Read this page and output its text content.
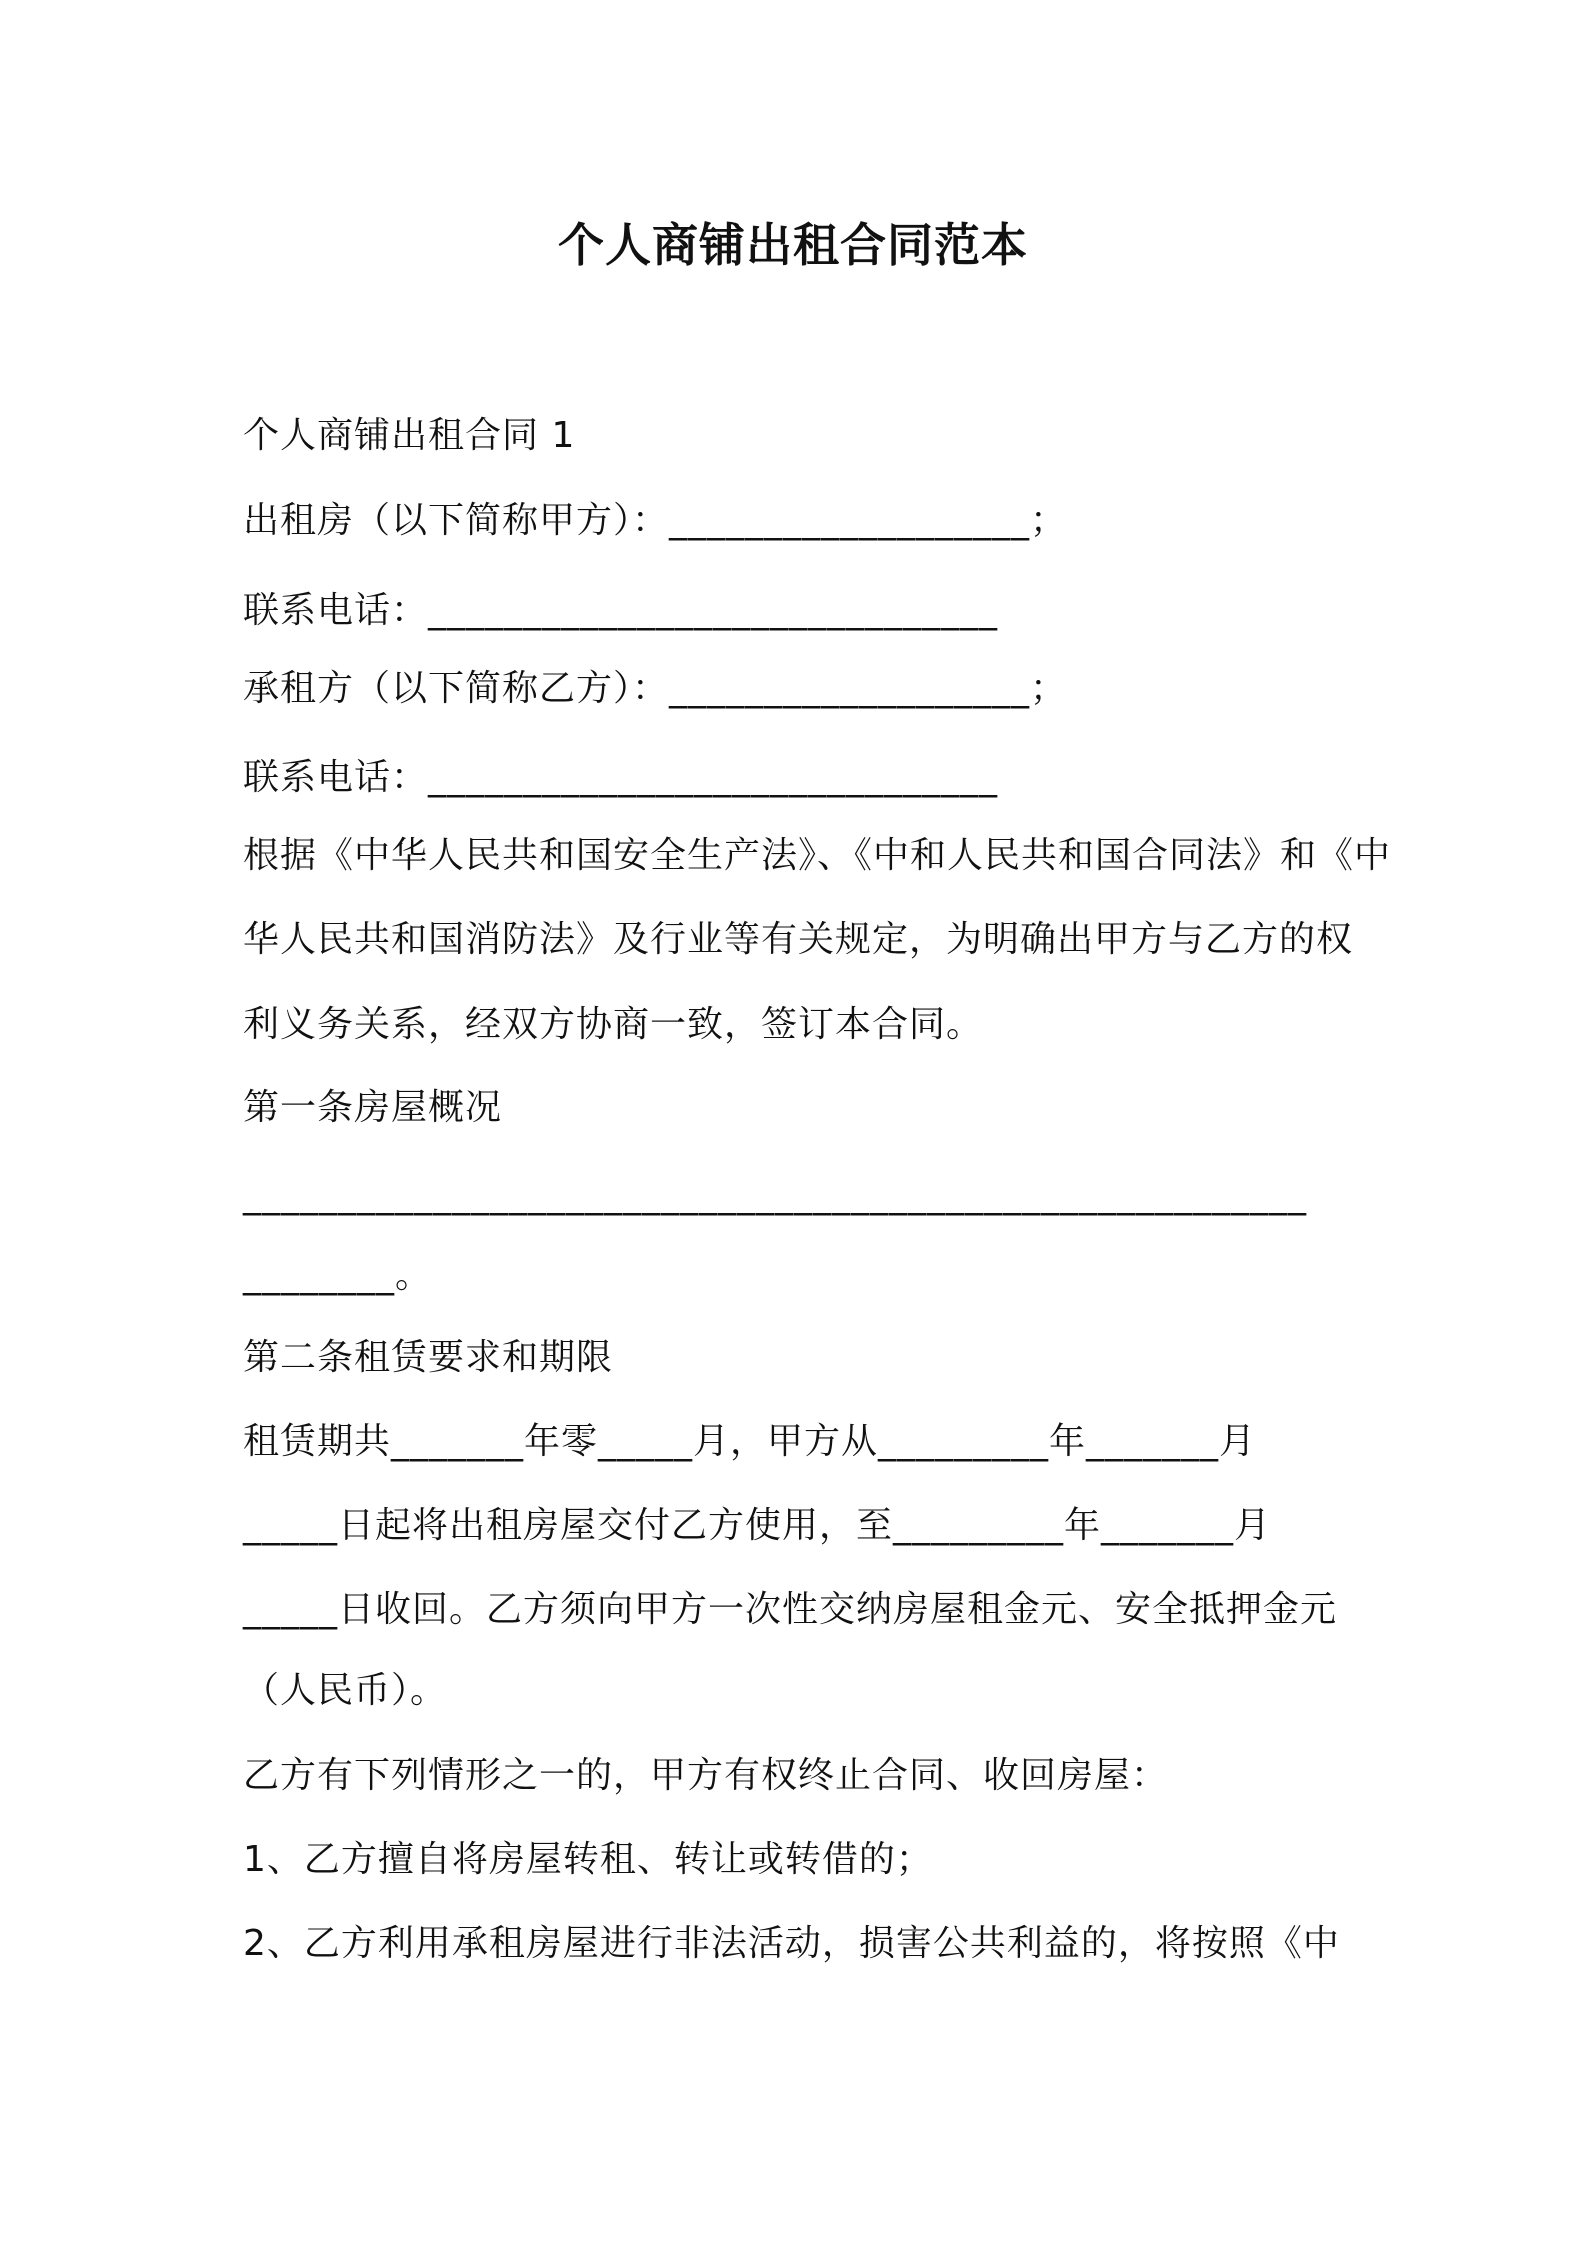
个人商铺出租合同范本
个人商铺出租合同 1
出租房（以下简称甲方）：___________________；
联系电话：______________________________
承租方（以下简称乙方）：___________________；
联系电话：______________________________
根据《中华人民共和国安全生产法》、《中和人民共和国合同法》和《中
华人民共和国消防法》及行业等有关规定，为明确出甲方与乙方的权
利义务关系，经双方协商一致，签订本合同。
第一条房屋概况
________________________________________________________
________。
第二条租赁要求和期限
租赁期共_______年零_____月，甲方从_________年_______月
_____日起将出租房屋交付乙方使用，至_________年_______月
_____日收回。乙方须向甲方一次性交纳房屋租金元、安全抵押金元
（人民币）。
乙方有下列情形之一的，甲方有权终止合同、收回房屋：
1、乙方擅自将房屋转租、转让或转借的；
2、乙方利用承租房屋进行非法活动，损害公共利益的，将按照《中
